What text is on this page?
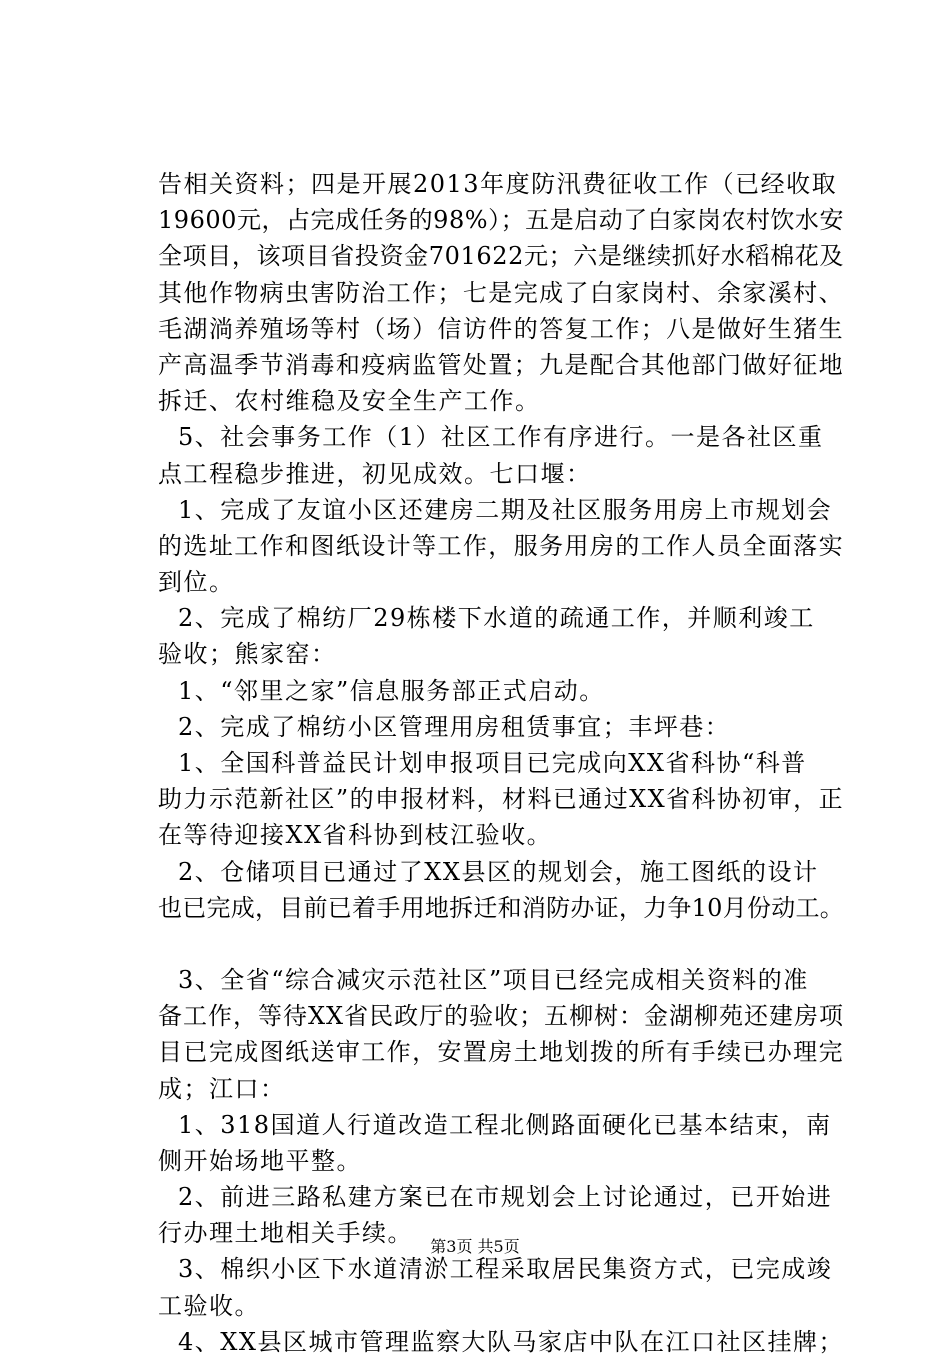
告相关资料；四是开展2013年度防汛费征收工作（已经收取
19600元，占完成任务的98%）；五是启动了白家岗农村饮水安
全项目，该项目省投资金701622元；六是继续抓好水稻棉花及
其他作物病虫害防治工作；七是完成了白家岗村、余家溪村、
毛湖淌养殖场等村（场）信访件的答复工作；八是做好生猪生
产高温季节消毒和疫病监管处置；九是配合其他部门做好征地
拆迁、农村维稳及安全生产工作。
5、社会事务工作（1）社区工作有序进行。一是各社区重
点工程稳步推进，初见成效。七口堰：
1、完成了友谊小区还建房二期及社区服务用房上市规划会
的选址工作和图纸设计等工作，服务用房的工作人员全面落实
到位。
2、完成了棉纺厂29栋楼下水道的疏通工作，并顺利竣工
验收；熊家窑：
1、“邻里之家”信息服务部正式启动。
2、完成了棉纺小区管理用房租赁事宜；丰坪巷：
1、全国科普益民计划申报项目已完成向XX省科协“科普
助力示范新社区”的申报材料，材料已通过XX省科协初审，正
在等待迎接XX省科协到枝江验收。
2、仓储项目已通过了XX县区的规划会，施工图纸的设计
也已完成，目前已着手用地拆迁和消防办证，力争10月份动工。
3、全省“综合减灾示范社区”项目已经完成相关资料的准
备工作，等待XX省民政厅的验收；五柳树：金湖柳苑还建房项
目已完成图纸送审工作，安置房土地划拨的所有手续已办理完
成；江口：
1、318国道人行道改造工程北侧路面硬化已基本结束，南
侧开始场地平整。
2、前进三路私建方案已在市规划会上讨论通过，已开始进
行办理土地相关手续。
3、棉织小区下水道清淤工程采取居民集资方式，已完成竣
工验收。
4、XX县区城市管理监察大队马家店中队在江口社区挂牌；
第3页 共5页
